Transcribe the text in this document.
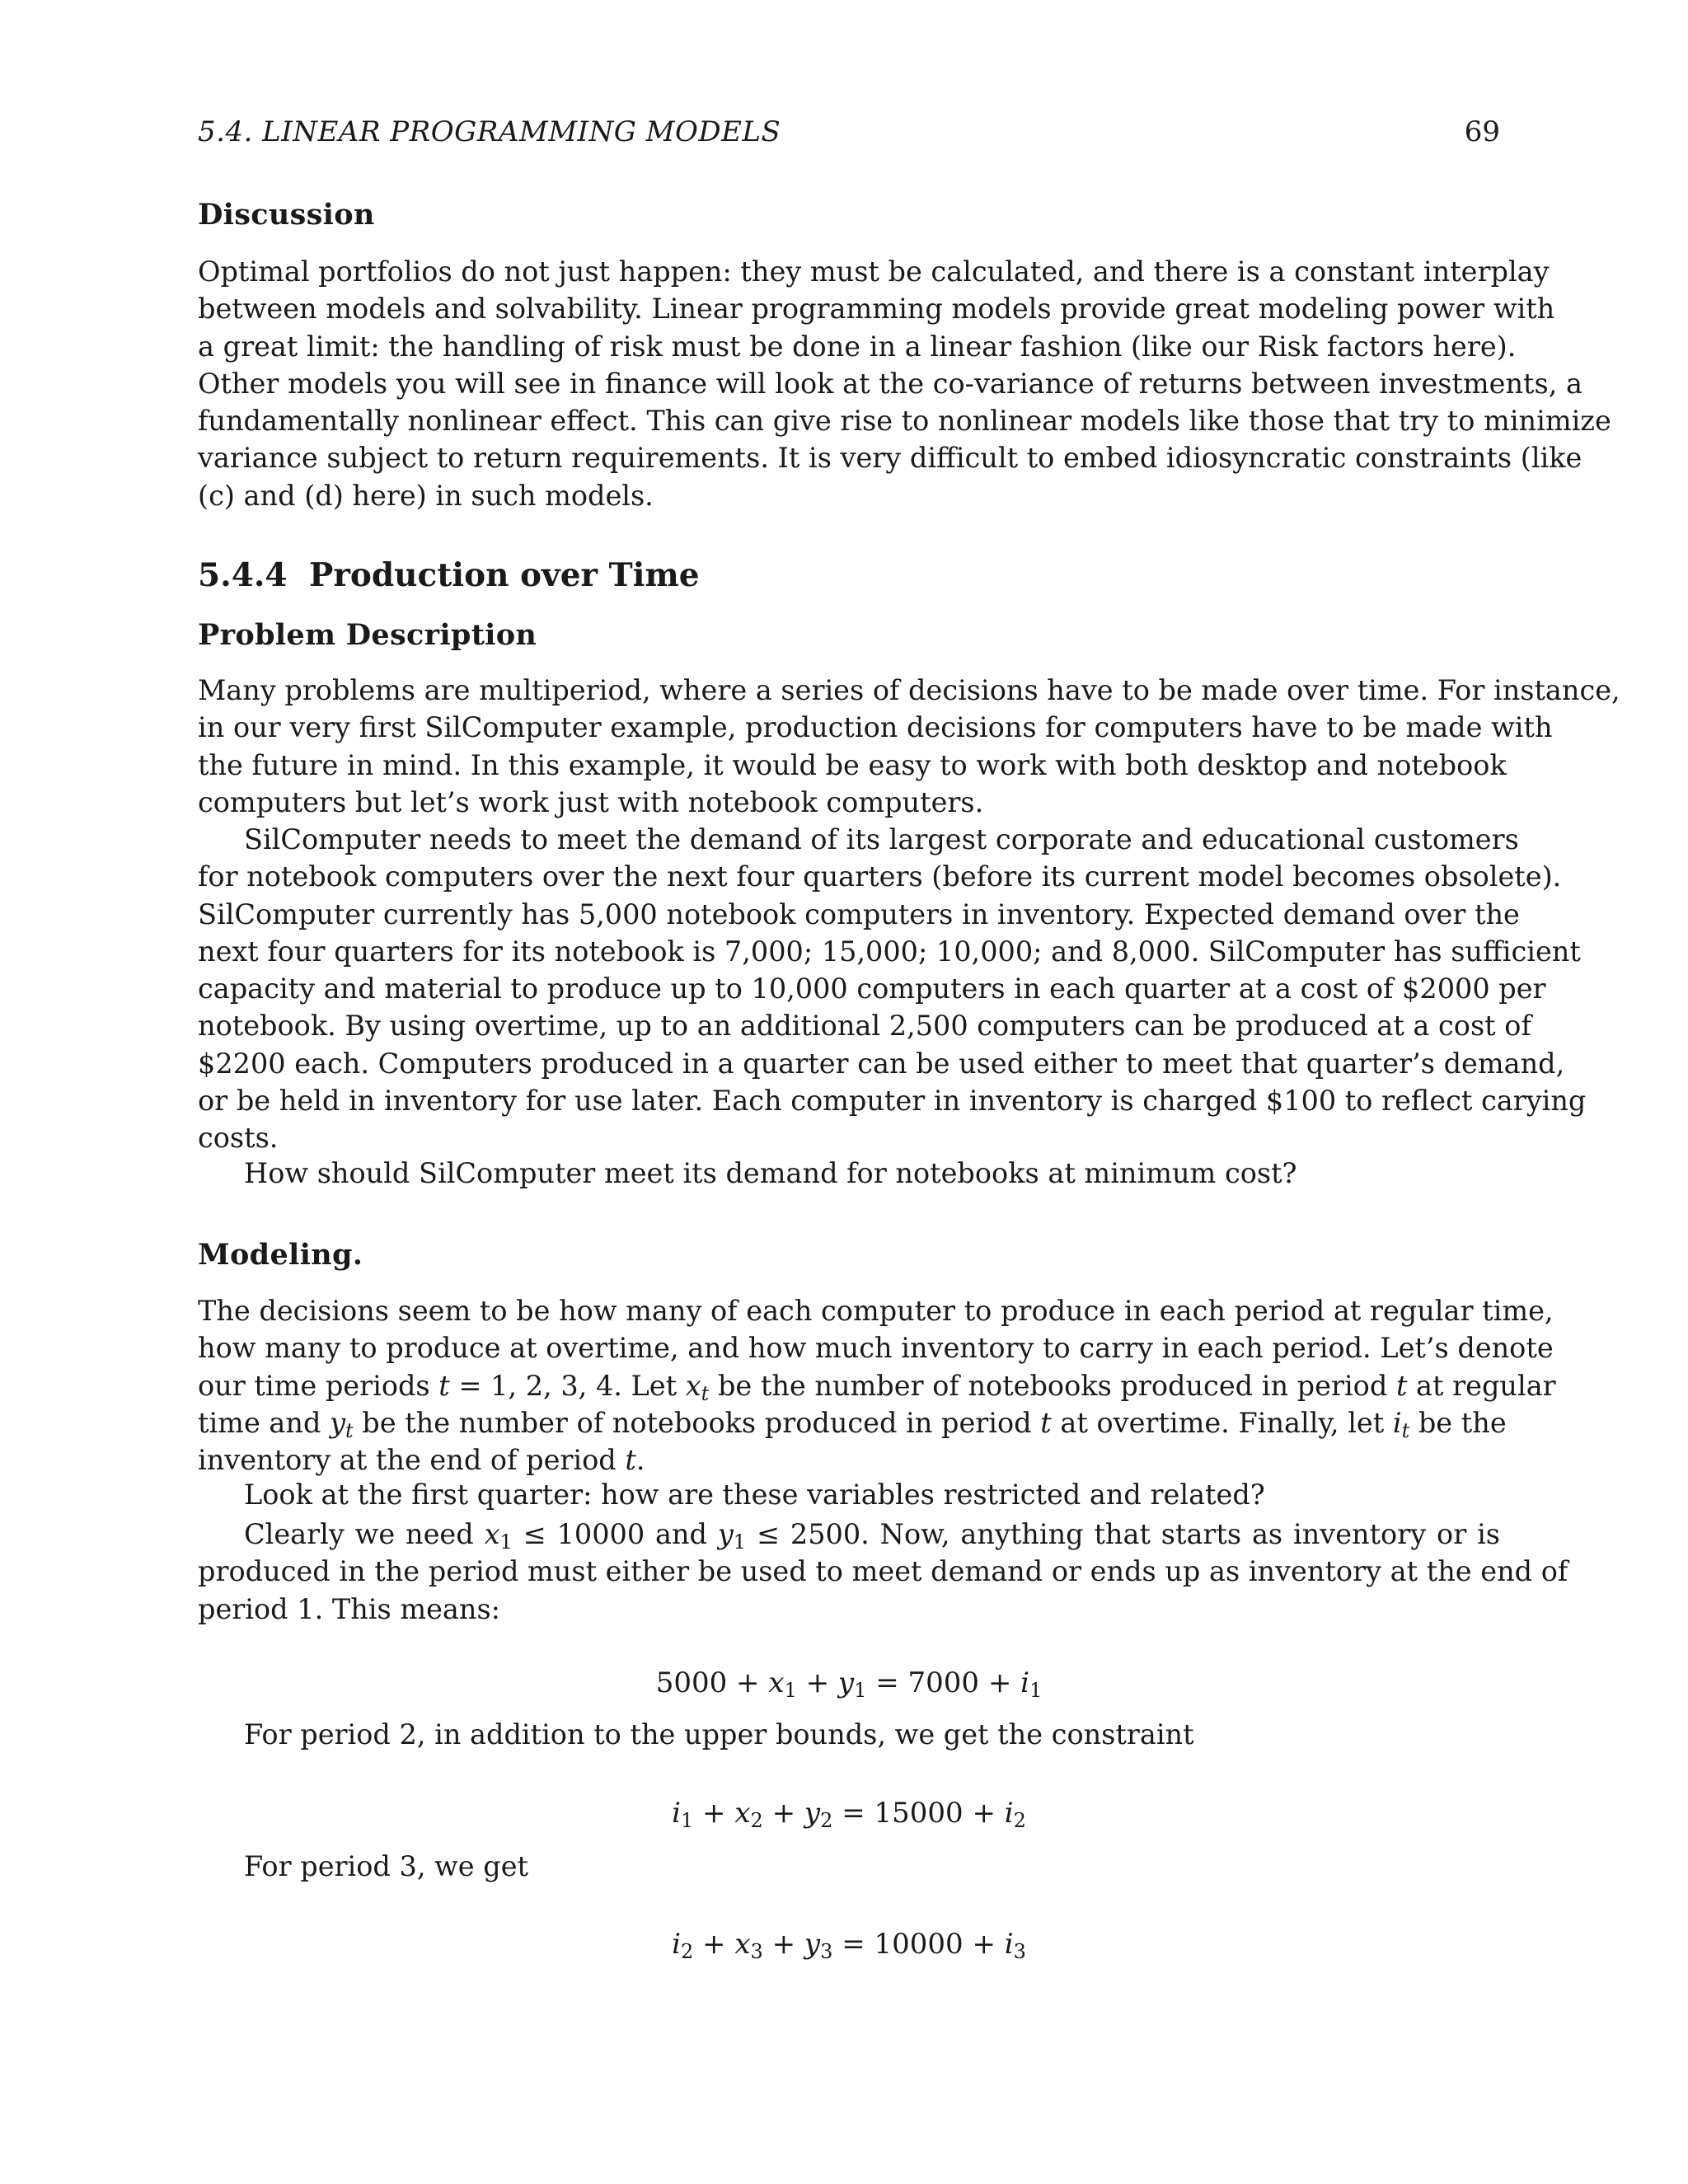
5.4. LINEAR PROGRAMMING MODELS	69
Discussion
Optimal portfolios do not just happen: they must be calculated, and there is a constant interplay
between models and solvability. Linear programming models provide great modeling power with
a great limit: the handling of risk must be done in a linear fashion (like our Risk factors here).
Other models you will see in finance will look at the co-variance of returns between investments, a
fundamentally nonlinear effect. This can give rise to nonlinear models like those that try to minimize
variance subject to return requirements. It is very difficult to embed idiosyncratic constraints (like
(c) and (d) here) in such models.
5.4.4 Production over Time
Problem Description
Many problems are multiperiod, where a series of decisions have to be made over time. For instance,
in our very first SilComputer example, production decisions for computers have to be made with
the future in mind. In this example, it would be easy to work with both desktop and notebook
computers but let’s work just with notebook computers.
SilComputer needs to meet the demand of its largest corporate and educational customers
for notebook computers over the next four quarters (before its current model becomes obsolete).
SilComputer currently has 5,000 notebook computers in inventory. Expected demand over the
next four quarters for its notebook is 7,000; 15,000; 10,000; and 8,000. SilComputer has sufficient
capacity and material to produce up to 10,000 computers in each quarter at a cost of $2000 per
notebook. By using overtime, up to an additional 2,500 computers can be produced at a cost of
$2200 each. Computers produced in a quarter can be used either to meet that quarter’s demand,
or be held in inventory for use later. Each computer in inventory is charged $100 to reflect carying
costs.
How should SilComputer meet its demand for notebooks at minimum cost?
Modeling.
The decisions seem to be how many of each computer to produce in each period at regular time,
how many to produce at overtime, and how much inventory to carry in each period. Let’s denote
our time periods t = 1, 2, 3, 4. Let $x_t$ be the number of notebooks produced in period t at regular
time and $y_t$ be the number of notebooks produced in period t at overtime. Finally, let $i_t$ be the
inventory at the end of period t.
Look at the first quarter: how are these variables restricted and related?
Clearly we need $x_1 \le 10000$ and $y_1 \le 2500$. Now, anything that starts as inventory or is
produced in the period must either be used to meet demand or ends up as inventory at the end of
period 1. This means:
$5000 + x_1 + y_1 = 7000 + i_1$
For period 2, in addition to the upper bounds, we get the constraint
$i_1 + x_2 + y_2 = 15000 + i_2$
For period 3, we get
$i_2 + x_3 + y_3 = 10000 + i_3$
